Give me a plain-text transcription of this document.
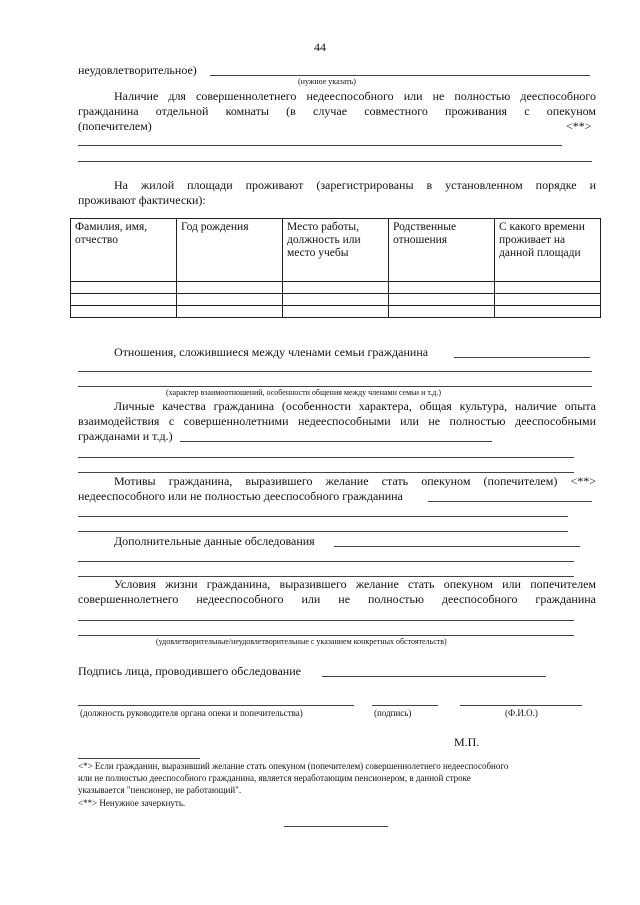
44
неудовлетворительное)
(нужное указать)
Наличие для совершеннолетнего недееспособного или не полностью дееспособного
гражданина отдельной комнаты (в случае совместного проживания с опекуном
(попечителем)	<**>
На жилой площади проживают (зарегистрированы в установленном порядке и
проживают фактически):
Фамилия, имя, отчество	Год рождения	Место работы, должность или место учебы	Родственные отношения	С какого времени проживает на данной площади

Отношения, сложившиеся между членами семьи гражданина
(характер взаимоотношений, особенности общения между членами семьи и т.д.)
Личные качества гражданина (особенности характера, общая культура, наличие опыта
взаимодействия с совершеннолетними недееспособными или не полностью дееспособными
гражданами и т.д.)
Мотивы гражданина, выразившего желание стать опекуном (попечителем) <**>
недееспособного или не полностью дееспособного гражданина
Дополнительные данные обследования
Условия жизни гражданина, выразившего желание стать опекуном или попечителем
совершеннолетнего недееспособного или не полностью дееспособного гражданина
(удовлетворительные/неудовлетворительные с указанием конкретных обстоятельств)
Подпись лица, проводившего обследование
(должность руководителя органа опеки и попечительства)	(подпись)	(Ф.И.О.)
М.П.
<*> Если гражданин, выразивший желание стать опекуном (попечителем) совершеннолетнего недееспособного
или не полностью дееспособного гражданина, является неработающим пенсионером, в данной строке
указывается "пенсионер, не работающий".
<**> Ненужное зачеркнуть.
